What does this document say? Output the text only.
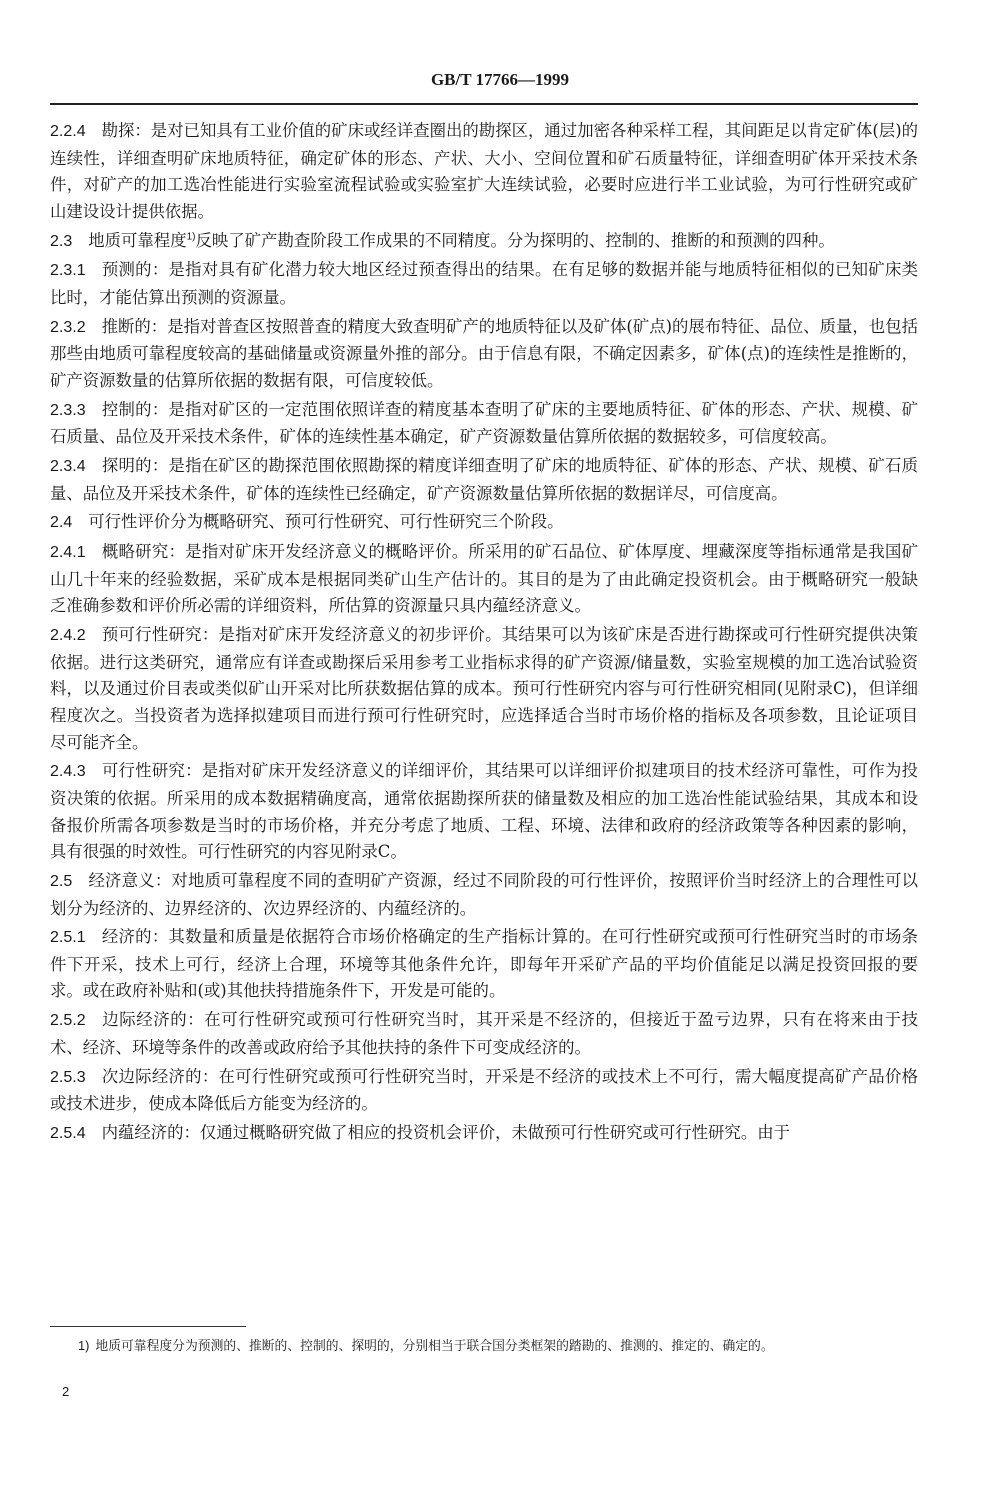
GB/T 17766—1999

2.2.4 勘探：是对已知具有工业价值的矿床或经详查圈出的勘探区，通过加密各种采样工程，其间距足以肯定矿体(层)的连续性，详细查明矿床地质特征，确定矿体的形态、产状、大小、空间位置和矿石质量特征，详细查明矿体开采技术条件，对矿产的加工选冶性能进行实验室流程试验或实验室扩大连续试验，必要时应进行半工业试验，为可行性研究或矿山建设设计提供依据。

2.3 地质可靠程度$^{1)}$反映了矿产勘查阶段工作成果的不同精度。分为探明的、控制的、推断的和预测的四种。

2.3.1 预测的：是指对具有矿化潜力较大地区经过预查得出的结果。在有足够的数据并能与地质特征相似的已知矿床类比时，才能估算出预测的资源量。

2.3.2 推断的：是指对普查区按照普查的精度大致查明矿产的地质特征以及矿体(矿点)的展布特征、品位、质量，也包括那些由地质可靠程度较高的基础储量或资源量外推的部分。由于信息有限，不确定因素多，矿体(点)的连续性是推断的，矿产资源数量的估算所依据的数据有限，可信度较低。

2.3.3 控制的：是指对矿区的一定范围依照详查的精度基本查明了矿床的主要地质特征、矿体的形态、产状、规模、矿石质量、品位及开采技术条件，矿体的连续性基本确定，矿产资源数量估算所依据的数据较多，可信度较高。

2.3.4 探明的：是指在矿区的勘探范围依照勘探的精度详细查明了矿床的地质特征、矿体的形态、产状、规模、矿石质量、品位及开采技术条件，矿体的连续性已经确定，矿产资源数量估算所依据的数据详尽，可信度高。

2.4 可行性评价分为概略研究、预可行性研究、可行性研究三个阶段。

2.4.1 概略研究：是指对矿床开发经济意义的概略评价。所采用的矿石品位、矿体厚度、埋藏深度等指标通常是我国矿山几十年来的经验数据，采矿成本是根据同类矿山生产估计的。其目的是为了由此确定投资机会。由于概略研究一般缺乏准确参数和评价所必需的详细资料，所估算的资源量只具内蕴经济意义。

2.4.2 预可行性研究：是指对矿床开发经济意义的初步评价。其结果可以为该矿床是否进行勘探或可行性研究提供决策依据。进行这类研究，通常应有详查或勘探后采用参考工业指标求得的矿产资源/储量数，实验室规模的加工选冶试验资料，以及通过价目表或类似矿山开采对比所获数据估算的成本。预可行性研究内容与可行性研究相同(见附录C)，但详细程度次之。当投资者为选择拟建项目而进行预可行性研究时，应选择适合当时市场价格的指标及各项参数，且论证项目尽可能齐全。

2.4.3 可行性研究：是指对矿床开发经济意义的详细评价，其结果可以详细评价拟建项目的技术经济可靠性，可作为投资决策的依据。所采用的成本数据精确度高，通常依据勘探所获的储量数及相应的加工选冶性能试验结果，其成本和设备报价所需各项参数是当时的市场价格，并充分考虑了地质、工程、环境、法律和政府的经济政策等各种因素的影响，具有很强的时效性。可行性研究的内容见附录C。

2.5 经济意义：对地质可靠程度不同的查明矿产资源，经过不同阶段的可行性评价，按照评价当时经济上的合理性可以划分为经济的、边界经济的、次边界经济的、内蕴经济的。

2.5.1 经济的：其数量和质量是依据符合市场价格确定的生产指标计算的。在可行性研究或预可行性研究当时的市场条件下开采，技术上可行，经济上合理，环境等其他条件允许，即每年开采矿产品的平均价值能足以满足投资回报的要求。或在政府补贴和(或)其他扶持措施条件下，开发是可能的。

2.5.2 边际经济的：在可行性研究或预可行性研究当时，其开采是不经济的，但接近于盈亏边界，只有在将来由于技术、经济、环境等条件的改善或政府给予其他扶持的条件下可变成经济的。

2.5.3 次边际经济的：在可行性研究或预可行性研究当时，开采是不经济的或技术上不可行，需大幅度提高矿产品价格或技术进步，使成本降低后方能变为经济的。

2.5.4 内蕴经济的：仅通过概略研究做了相应的投资机会评价，未做预可行性研究或可行性研究。由于

1) 地质可靠程度分为预测的、推断的、控制的、探明的，分别相当于联合国分类框架的踏勘的、推测的、推定的、确定的。
2
